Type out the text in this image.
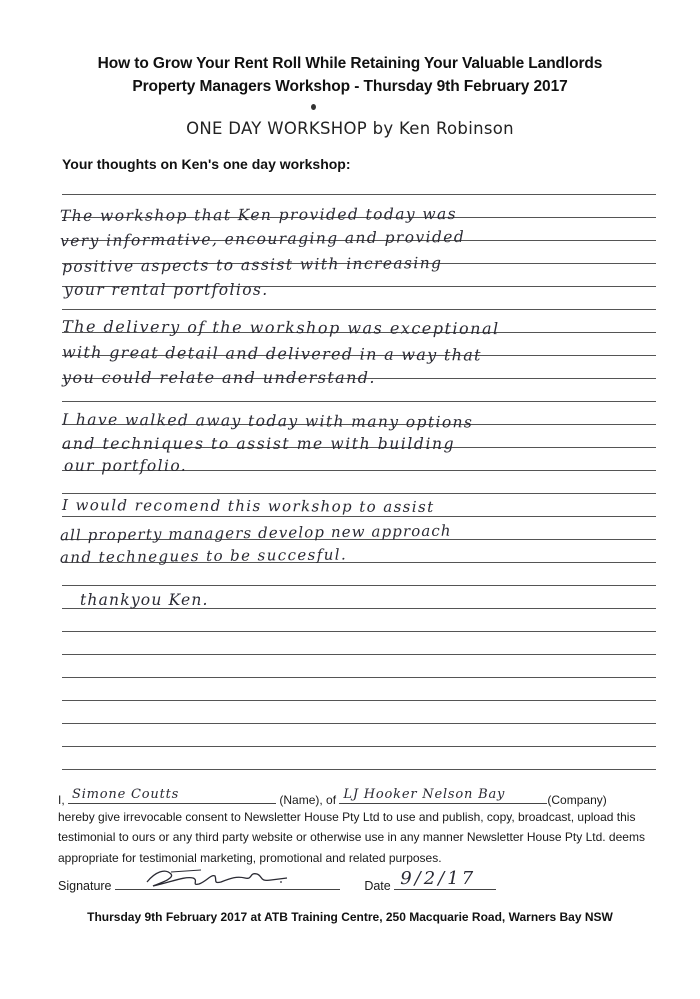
How to Grow Your Rent Roll While Retaining Your Valuable Landlords
Property Managers Workshop - Thursday 9th February 2017
ONE DAY WORKSHOP by Ken Robinson
Your thoughts on Ken's one day workshop:
The workshop that Ken provided today was
very informative, encouraging and provided
positive aspects to assist with increasing
your rental portfolios.
The delivery of the workshop was exceptional
with great detail and delivered in a way that
you could relate and understand.
I have walked away today with many options
and techniques to assist me with building
our portfolio.
I would recomend this workshop to assist
all property managers develop new approach
and technegues to be succesful.
thankyou Ken.
I, Simone Coutts	(Name), of LJ Hooker Nelson Bay	(Company)
hereby give irrevocable consent to Newsletter House Pty Ltd to use and publish, copy, broadcast, upload this
testimonial to ours or any third party website or otherwise use in any manner Newsletter House Pty Ltd. deems
appropriate for testimonial marketing, promotional and related purposes.
Signature	Date 9/2/17
Thursday 9th February 2017 at ATB Training Centre, 250 Macquarie Road, Warners Bay NSW
